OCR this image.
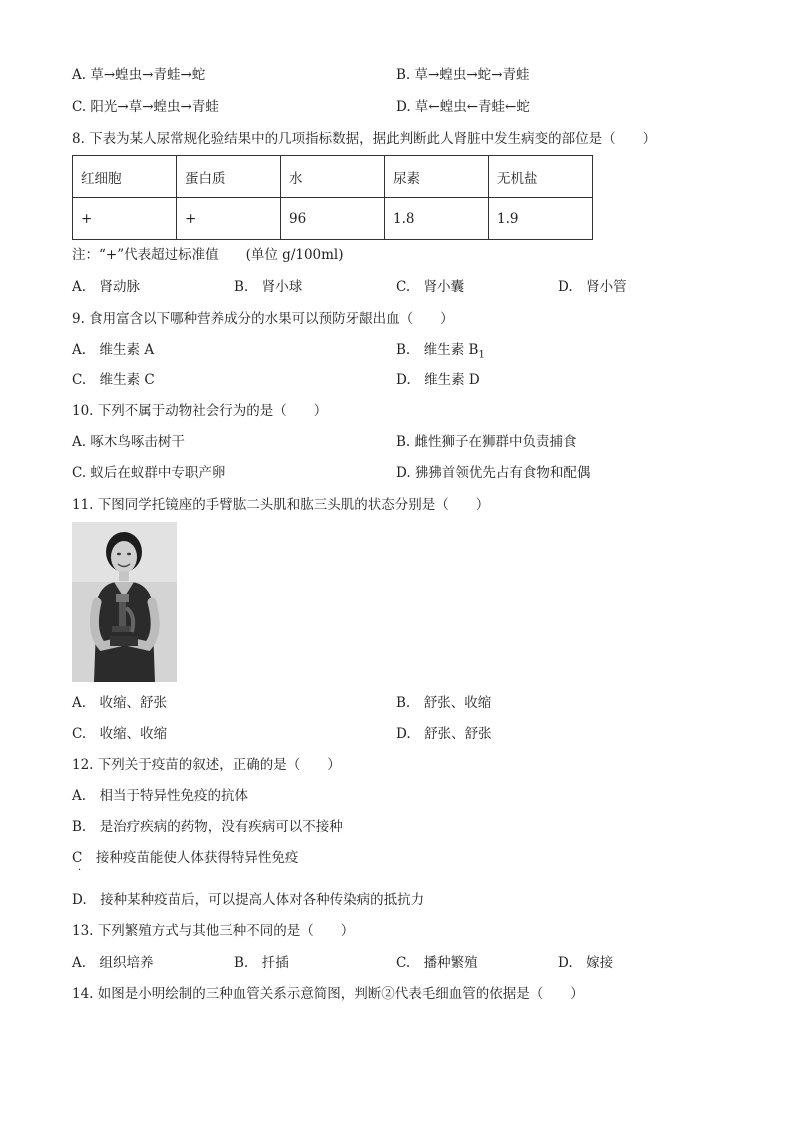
A. 草→蝗虫→青蛙→蛇	B. 草→蝗虫→蛇→青蛙
C. 阳光→草→蝗虫→青蛙	D. 草←蝗虫←青蛙←蛇
8. 下表为某人尿常规化验结果中的几项指标数据，据此判断此人肾脏中发生病变的部位是（　　）
红细胞	蛋白质	水	尿素	无机盐
+	+	96	1.8	1.9
注：“+”代表超过标准值　　(单位 g/100ml)
A.　肾动脉	B.　肾小球	C.　肾小囊	D.　肾小管
9. 食用富含以下哪种营养成分的水果可以预防牙龈出血（　　）
A.　维生素 A	B.　维生素 $B_1$
C.　维生素 C	D.　维生素 D
10. 下列不属于动物社会行为的是（　　）
A. 啄木鸟啄击树干	B. 雌性狮子在狮群中负责捕食
C. 蚁后在蚁群中专职产卵	D. 狒狒首领优先占有食物和配偶
11. 下图同学托镜座的手臂肱二头肌和肱三头肌的状态分别是（　　）
A.　收缩、舒张	B.　舒张、收缩
C.　收缩、收缩	D.　舒张、舒张
12. 下列关于疫苗的叙述，正确的是（　　）
A.　相当于特异性免疫的抗体
B.　是治疗疾病的药物，没有疾病可以不接种
C　接种疫苗能使人体获得特异性免疫
·
D.　接种某种疫苗后，可以提高人体对各种传染病的抵抗力
13. 下列繁殖方式与其他三种不同的是（　　）
A.　组织培养	B.　扦插	C.　播种繁殖	D.　嫁接
14. 如图是小明绘制的三种血管关系示意简图，判断②代表毛细血管的依据是（　　）
